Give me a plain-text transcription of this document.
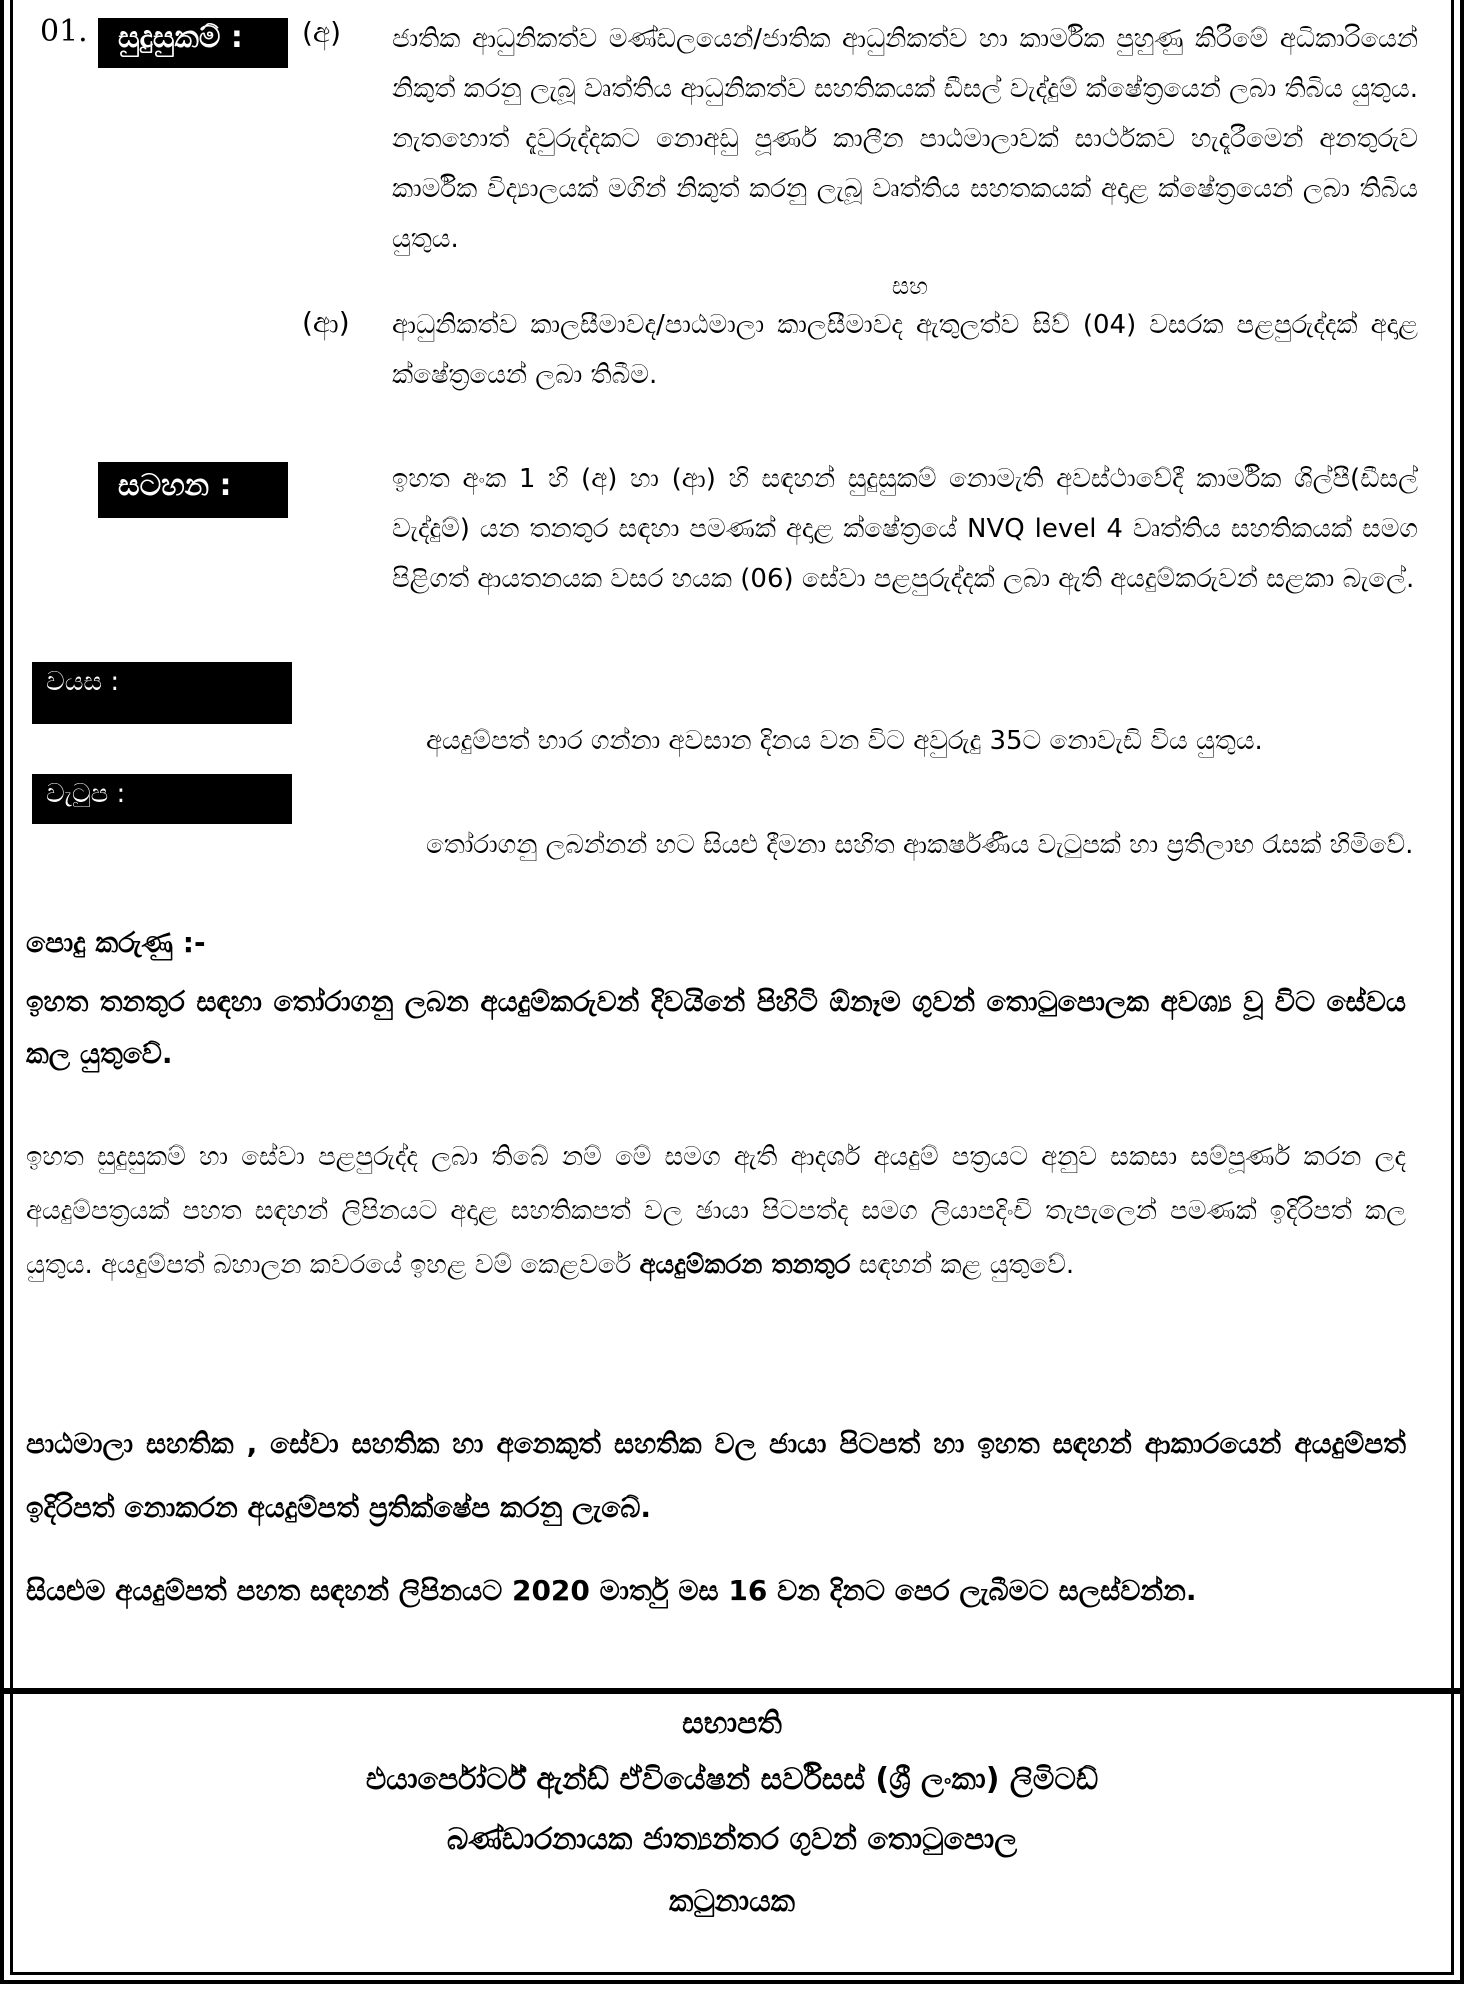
01.	සුදුසුකම් :	(අ) ජාතික ආධුනිකත්ව මණ්ඩලයෙන්/ජාතික ආධුනිකත්ව හා කාර්මික පුහුණු කිරීමේ අධිකාරියෙන් නිකුත් කරනු ලැබූ වෘත්තිය ආධුනිකත්ව සහතිකයක් ඩීසල් වැද්දුම් ක්ෂේත්‍රයෙන් ලබා තිබිය යුතුය. නැතහොත් දැවුරුද්දකට නොඅඩු පූර්ණ කාලීන පාඨමාලාවක් සාර්ථකව හැදෑරීමෙන් අනතුරුව කාර්මික විද්‍යාලයක් මගින් නිකුත් කරනු ලැබූ වෘත්තිය සහතකයක් අදාළ ක්ෂේත්‍රයෙන් ලබා තිබිය යුතුය.
සහ
(ආ) ආධුනිකත්ව කාලසීමාවද/පාඨමාලා කාලසීමාවද ඇතුලත්ව සිව් (04) වසරක පළපුරුද්දක් අදාළ ක්ෂේත්‍රයෙන් ලබා තිබීම.
සටහන :	ඉහත අංක 1 හි (අ) හා (ආ) හි සඳහන් සුදුසුකම් නොමැති අවස්ථාවේදී කාර්මික ශිල්පී(ඩීසල් වැද්දුම්) යන තනතුර සඳහා පමණක් අදාළ ක්ෂේත්‍රයේ NVQ level 4 වෘත්තිය සහතිකයක් සමග පිළිගත් ආයතනයක වසර හයක (06) සේවා පළපුරුද්දක් ලබා ඇති අයදුම්කරුවන් සළකා බැලේ.
වයස :
අයදුම්පත් භාර ගන්නා අවසාන දිනය වන විට අවුරුදු 35ට නොවැඩි විය යුතුය.
වැටුප :
තෝරාගනු ලබන්නන් හට සියළු දීමනා සහිත ආකර්ෂණීය වැටුපක් හා ප්‍රතිලාභ රැසක් හිමිවේ.
පොදු කරුණු :-
ඉහත තනතුර සඳහා තෝරාගනු ලබන අයදුම්කරුවන් දිවයිනේ පිහිටි ඕනෑම ගුවන් තොටුපොලක අවශ්‍ය වූ විට සේවය කල යුතුවේ.
ඉහත සුදුසුකම් හා සේවා පළපුරුද්ද ලබා තිබේ නම් මේ සමග ඇති ආදර්ශ අයදුම් පත්‍රයට අනුව සකසා සම්පූර්ණ කරන ලද අයදුම්පත්‍රයක් පහත සඳහන් ලිපිනයට අදාළ සහතිකපත් වල ඡායා පිටපත්ද සමග ලියාපදිංචි තැපැලෙන් පමණක් ඉදිරිපත් කල යුතුය. අයදුම්පත් බහාලන කවරයේ ඉහළ වම් කෙළවරේ අයදුම්කරන තනතුර සඳහන් කළ යුතුවේ.
පාඨමාලා සහතික , සේවා සහතික හා අනෙකුත් සහතික වල ජායා පිටපත් හා ඉහත සඳහන් ආකාරයෙන් අයදුම්පත් ඉදිරිපත් නොකරන අයදුම්පත් ප්‍රතික්ෂේප කරනු ලැබේ.
සියළුම අයදුම්පත් පහත සඳහන් ලිපිනයට 2020 මාර්තු මස 16 වන දිනට පෙර ලැබීමට සලස්වන්න.
සභාපති
එයාර්පෝර්ට් ඇන්ඩ් ඒවියේෂන් සර්විසස් (ශ්‍රී ලංකා) ලිමිටඩ්
බණ්ඩාරනායක ජාත්‍යන්තර ගුවන් තොටුපොල
කටුනායක
